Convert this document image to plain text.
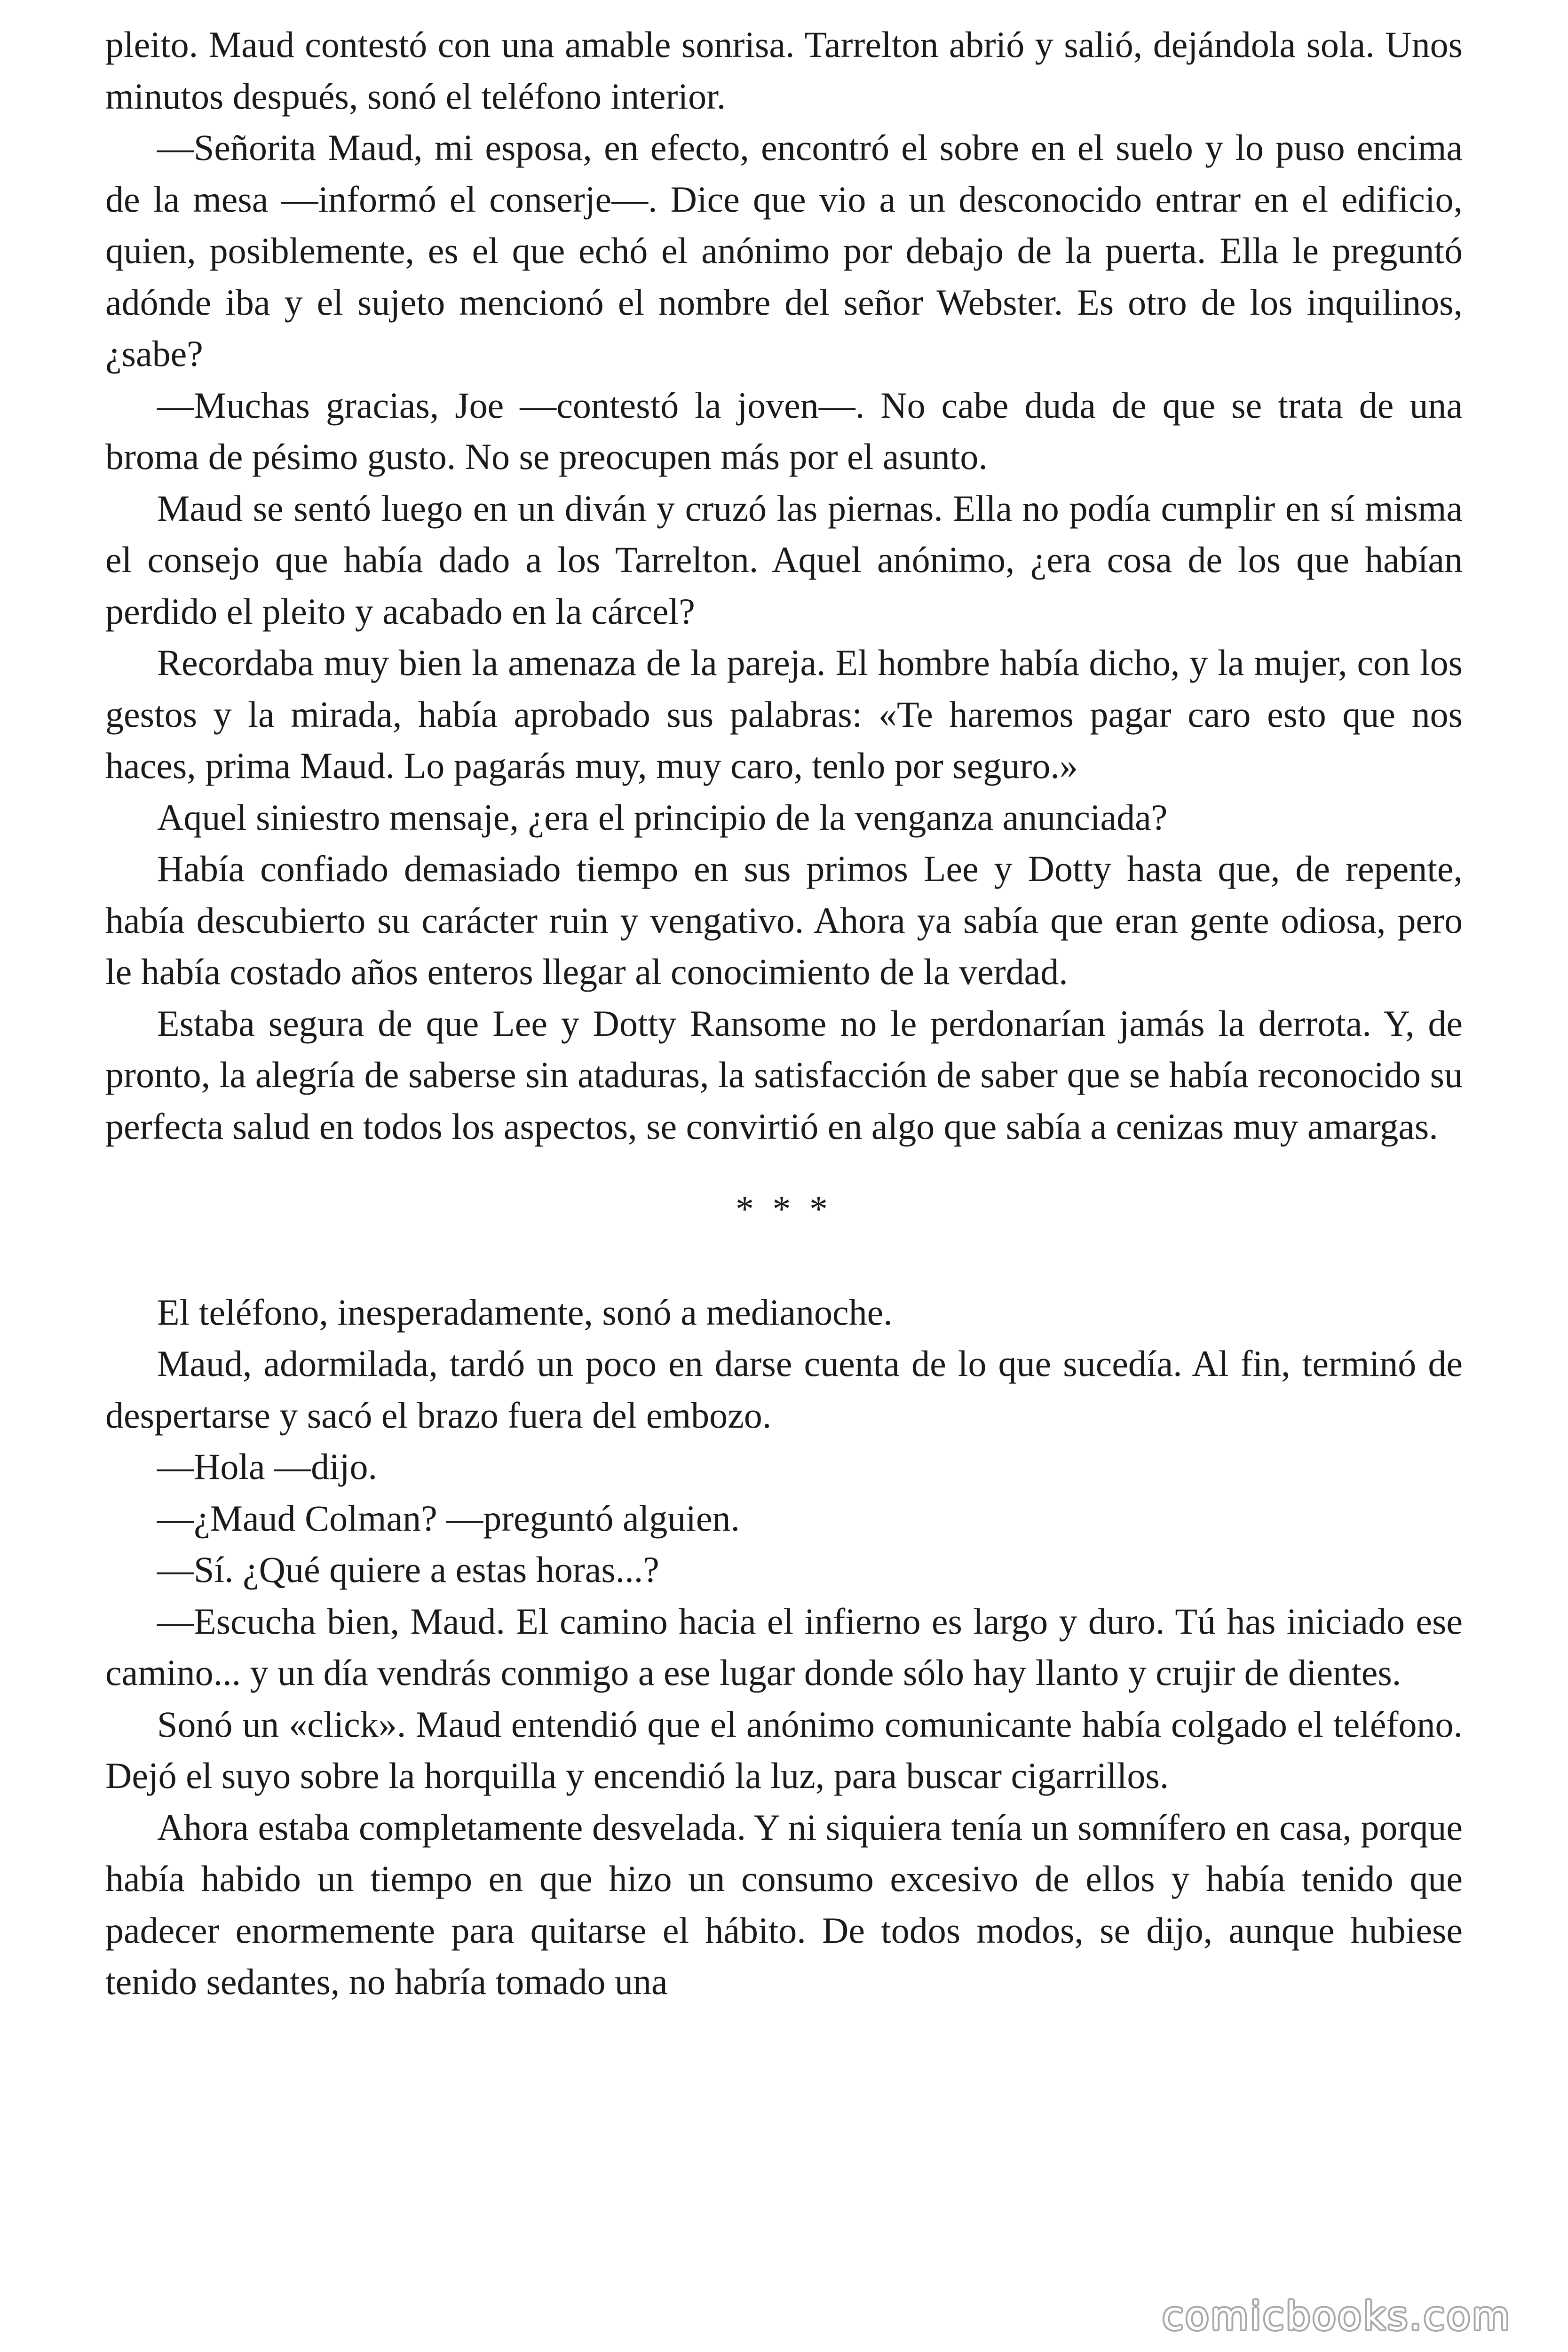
pleito. Maud contestó con una amable sonrisa. Tarrelton abrió y salió, dejándola sola. Unos minutos después, sonó el teléfono interior.

—Señorita Maud, mi esposa, en efecto, encontró el sobre en el suelo y lo puso encima de la mesa —informó el conserje—. Dice que vio a un desconocido entrar en el edificio, quien, posiblemente, es el que echó el anónimo por debajo de la puerta. Ella le preguntó adónde iba y el sujeto mencionó el nombre del señor Webster. Es otro de los inquilinos, ¿sabe?

—Muchas gracias, Joe —contestó la joven—. No cabe duda de que se trata de una broma de pésimo gusto. No se preocupen más por el asunto.

Maud se sentó luego en un diván y cruzó las piernas. Ella no podía cumplir en sí misma el consejo que había dado a los Tarrelton. Aquel anónimo, ¿era cosa de los que habían perdido el pleito y acabado en la cárcel?

Recordaba muy bien la amenaza de la pareja. El hombre había dicho, y la mujer, con los gestos y la mirada, había aprobado sus palabras: «Te haremos pagar caro esto que nos haces, prima Maud. Lo pagarás muy, muy caro, tenlo por seguro.»

Aquel siniestro mensaje, ¿era el principio de la venganza anunciada?

Había confiado demasiado tiempo en sus primos Lee y Dotty hasta que, de repente, había descubierto su carácter ruin y vengativo. Ahora ya sabía que eran gente odiosa, pero le había costado años enteros llegar al conocimiento de la verdad.

Estaba segura de que Lee y Dotty Ransome no le perdonarían jamás la derrota. Y, de pronto, la alegría de saberse sin ataduras, la satisfacción de saber que se había reconocido su perfecta salud en todos los aspectos, se convirtió en algo que sabía a cenizas muy amargas.

* * *

El teléfono, inesperadamente, sonó a medianoche.

Maud, adormilada, tardó un poco en darse cuenta de lo que sucedía. Al fin, terminó de despertarse y sacó el brazo fuera del embozo.

—Hola —dijo.

—¿Maud Colman? —preguntó alguien.

—Sí. ¿Qué quiere a estas horas...?

—Escucha bien, Maud. El camino hacia el infierno es largo y duro. Tú has iniciado ese camino... y un día vendrás conmigo a ese lugar donde sólo hay llanto y crujir de dientes.

Sonó un «click». Maud entendió que el anónimo comunicante había colgado el teléfono. Dejó el suyo sobre la horquilla y encendió la luz, para buscar cigarrillos.

Ahora estaba completamente desvelada. Y ni siquiera tenía un somnífero en casa, porque había habido un tiempo en que hizo un consumo excesivo de ellos y había tenido que padecer enormemente para quitarse el hábito. De todos modos, se dijo, aunque hubiese tenido sedantes, no habría tomado una

comicbooks.com
